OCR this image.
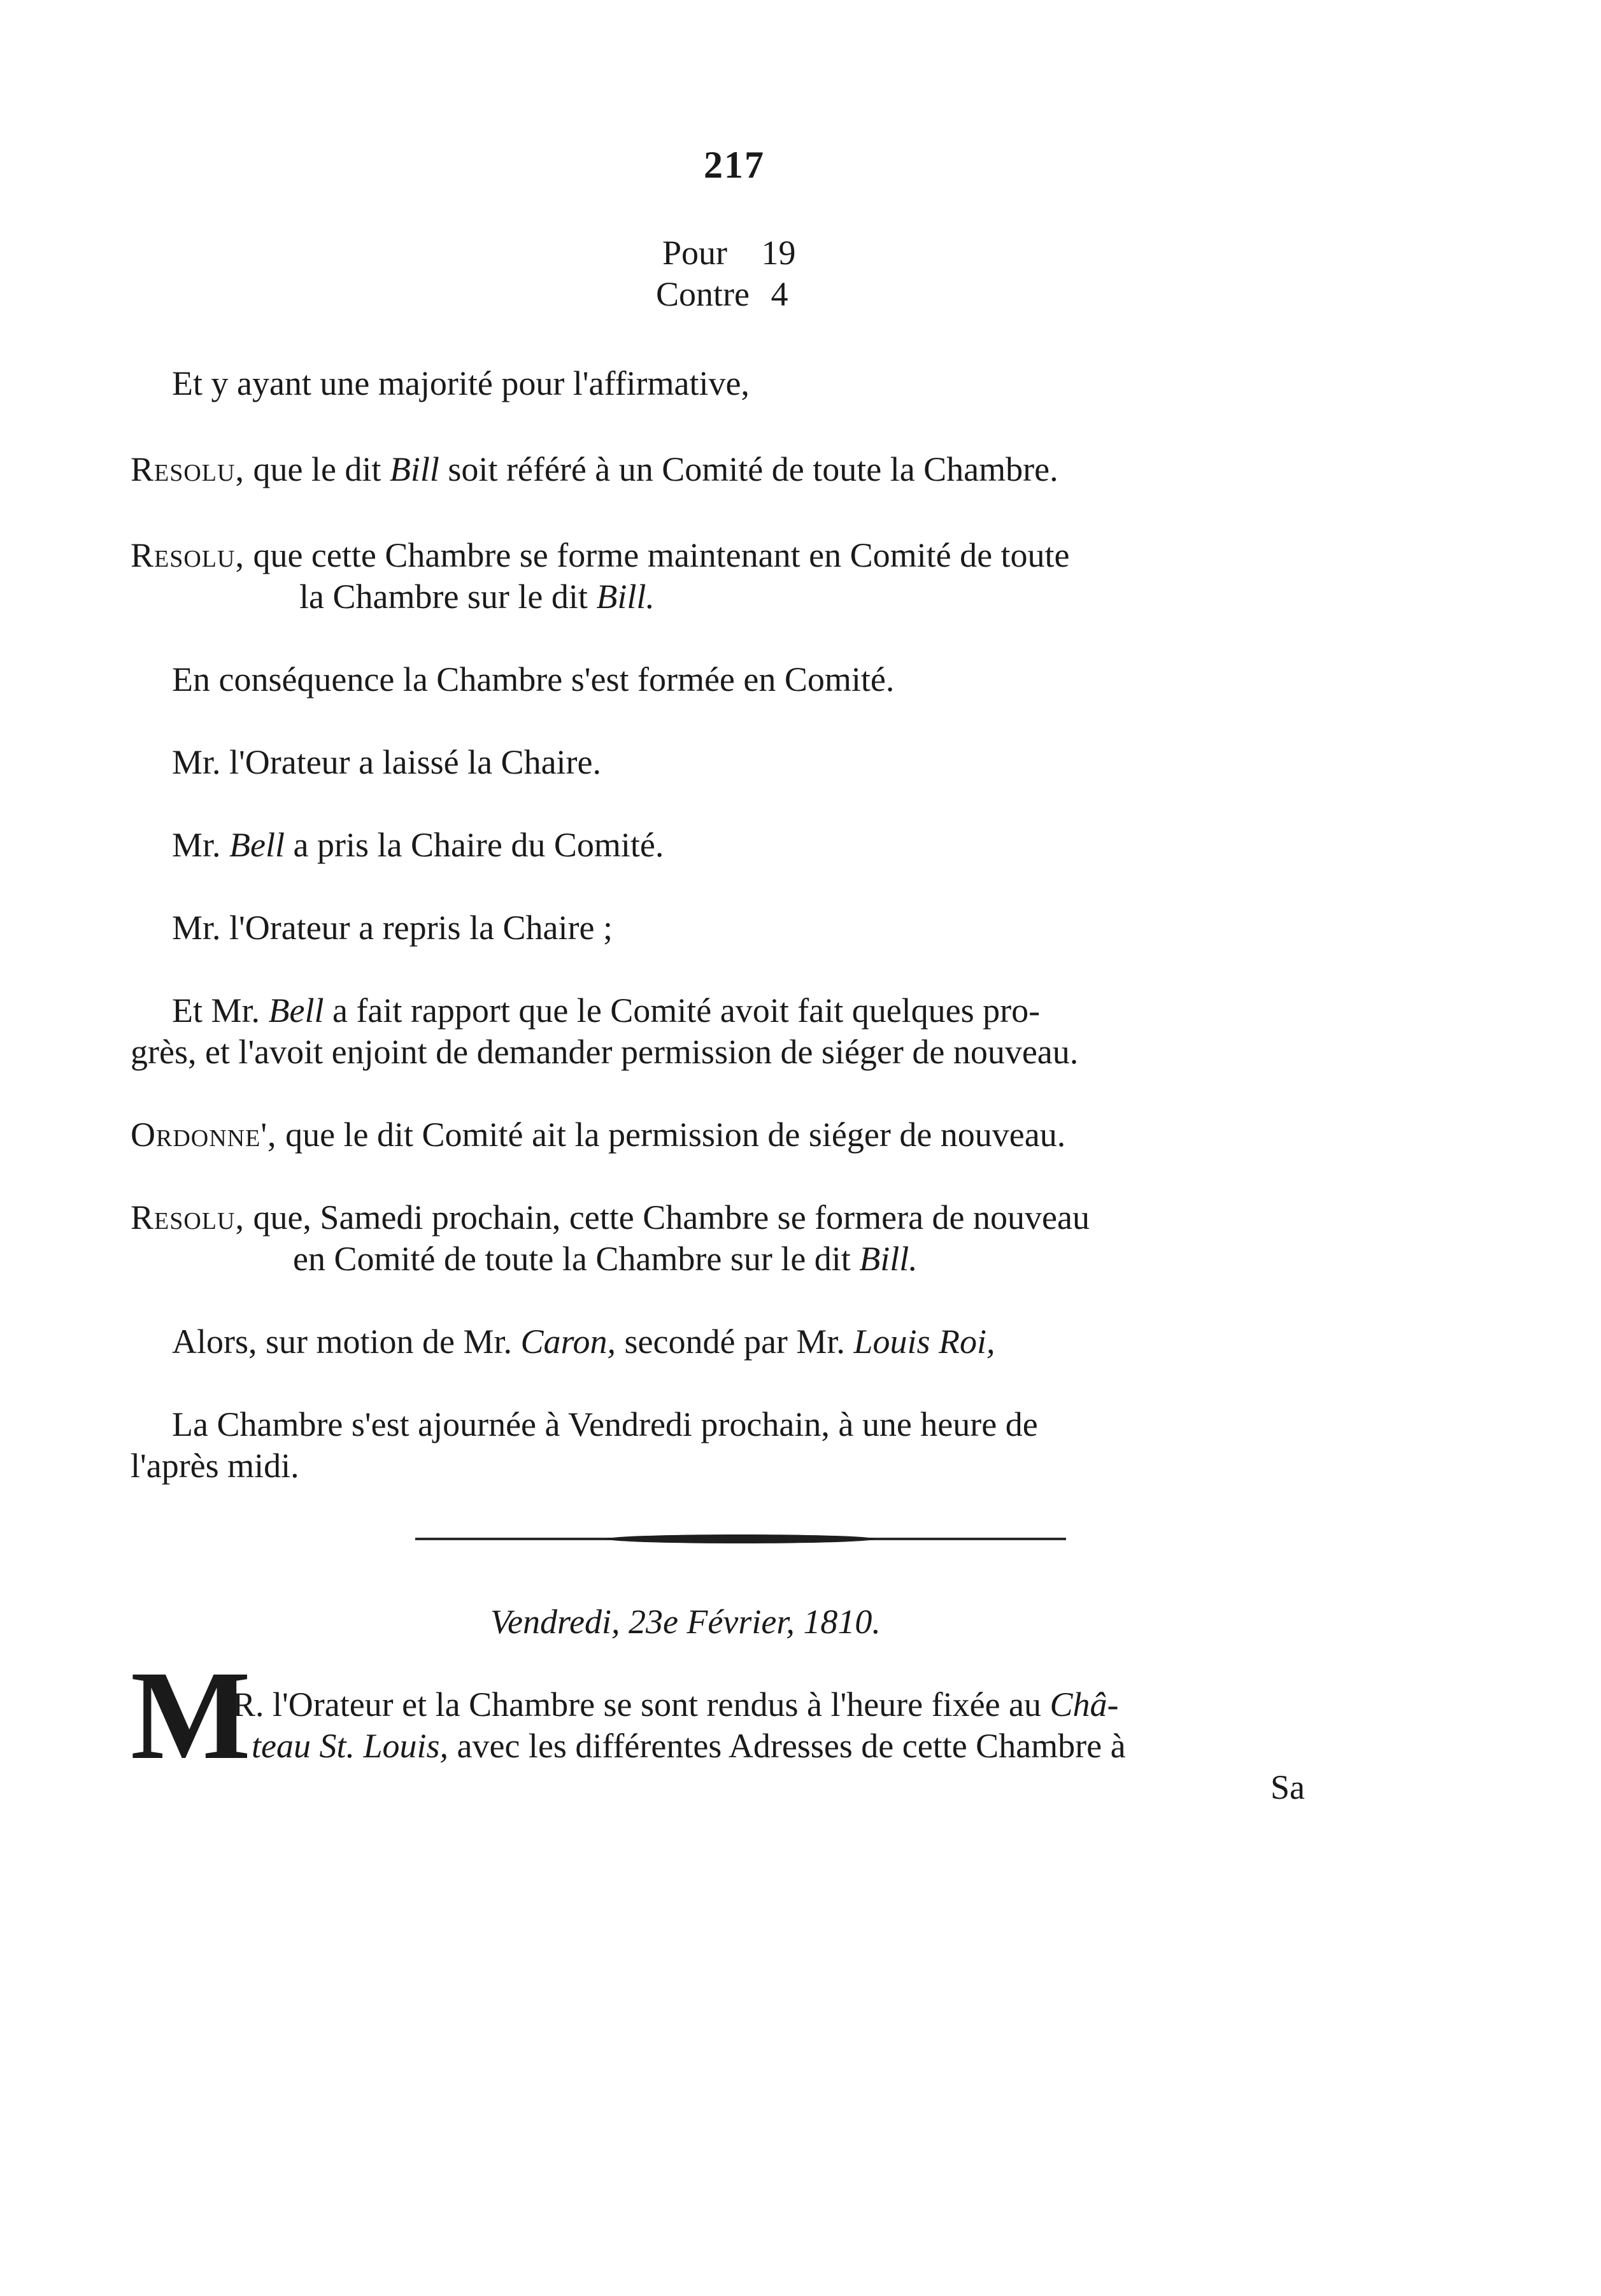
217
Pour 19
Contre 4
Et y ayant une majorité pour l'affirmative,
Resolu, que le dit Bill soit référé à un Comité de toute la Chambre.
Resolu, que cette Chambre se forme maintenant en Comité de toute
la Chambre sur le dit Bill.
En conséquence la Chambre s'est formée en Comité.
Mr. l'Orateur a laissé la Chaire.
Mr. Bell a pris la Chaire du Comité.
Mr. l'Orateur a repris la Chaire ;
Et Mr. Bell a fait rapport que le Comité avoit fait quelques pro-
grès, et l'avoit enjoint de demander permission de siéger de nouveau.
Ordonne', que le dit Comité ait la permission de siéger de nouveau.
Resolu, que, Samedi prochain, cette Chambre se formera de nouveau
en Comité de toute la Chambre sur le dit Bill.
Alors, sur motion de Mr. Caron, secondé par Mr. Louis Roi,
La Chambre s'est ajournée à Vendredi prochain, à une heure de
l'après midi.
Vendredi, 23e Février, 1810.
M
R. l'Orateur et la Chambre se sont rendus à l'heure fixée au Châ-
teau St. Louis, avec les différentes Adresses de cette Chambre à
Sa
